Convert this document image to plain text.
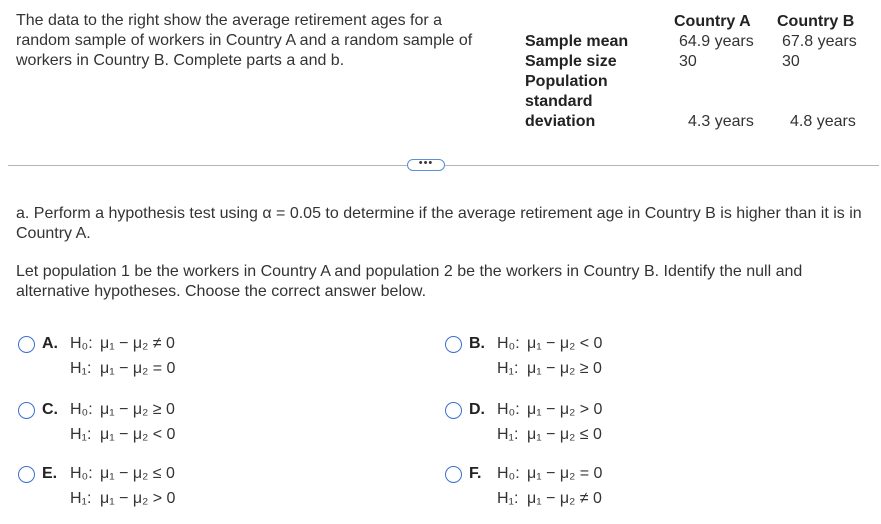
The data to the right show the average retirement ages for a random sample of workers in Country A and a random sample of workers in Country B. Complete parts a and b.
Country A Country B
Sample mean	64.9 years 67.8 years
Sample size	30	30
Population standard deviation	4.3 years 4.8 years
•••
a. Perform a hypothesis test using α = 0.05 to determine if the average retirement age in Country B is higher than it is in Country A.
Let population 1 be the workers in Country A and population 2 be the workers in Country B. Identify the null and alternative hypotheses. Choose the correct answer below.
A. H₀: μ₁ − μ₂ ≠ 0
H₁: μ₁ − μ₂ = 0
B. H₀: μ₁ − μ₂ < 0
H₁: μ₁ − μ₂ ≥ 0
C. H₀: μ₁ − μ₂ ≥ 0
H₁: μ₁ − μ₂ < 0
D. H₀: μ₁ − μ₂ > 0
H₁: μ₁ − μ₂ ≤ 0
E. H₀: μ₁ − μ₂ ≤ 0
H₁: μ₁ − μ₂ > 0
F. H₀: μ₁ − μ₂ = 0
H₁: μ₁ − μ₂ ≠ 0
